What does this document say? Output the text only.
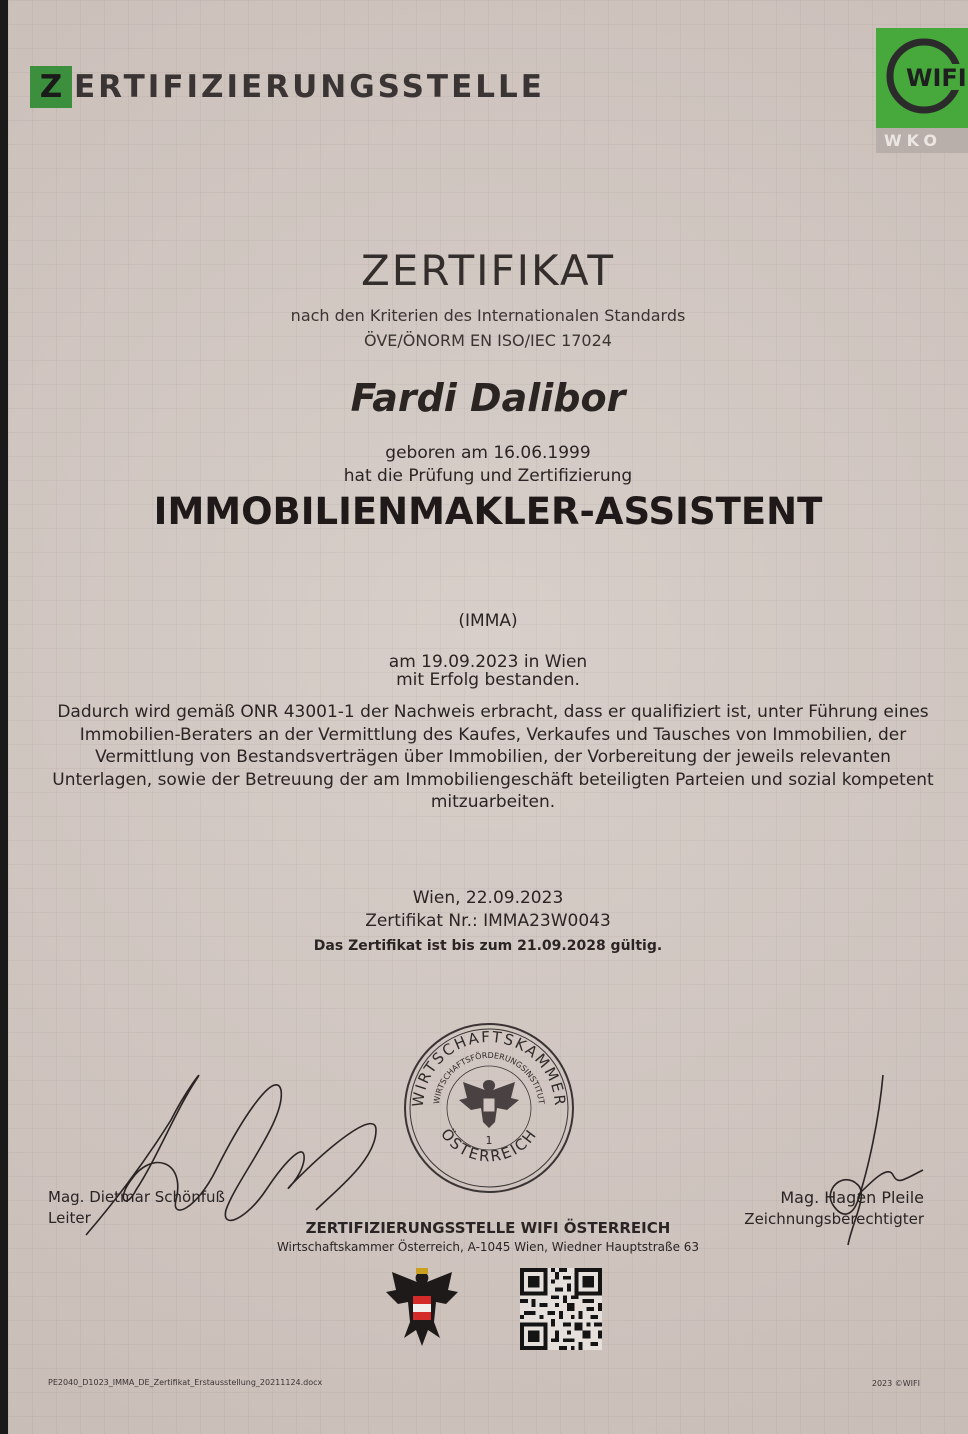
Z ERTIFIZIERUNGSSTELLE	WIFI
WKO
ZERTIFIKAT
nach den Kriterien des Internationalen Standards
ÖVE/ÖNORM EN ISO/IEC 17024
Fardi Dalibor
geboren am 16.06.1999
hat die Prüfung und Zertifizierung
IMMOBILIENMAKLER-ASSISTENT
(IMMA)
am 19.09.2023 in Wien
mit Erfolg bestanden.
Dadurch wird gemäß ONR 43001-1 der Nachweis erbracht, dass er qualifiziert ist, unter Führung eines Immobilien-Beraters an der Vermittlung des Kaufes, Verkaufes und Tausches von Immobilien, der Vermittlung von Bestandsverträgen über Immobilien, der Vorbereitung der jeweils relevanten Unterlagen, sowie der Betreuung der am Immobiliengeschäft beteiligten Parteien und sozial kompetent mitzuarbeiten.
Wien, 22.09.2023
Zertifikat Nr.: IMMA23W0043
Das Zertifikat ist bis zum 21.09.2028 gültig.
Mag. Dietmar Schönfuß
Leiter
Mag. Hagen Pleile
Zeichnungsberechtigter
WIRTSCHAFTSKAMMER
WIRTSCHAFTSFÖRDERUNGSINSTITUT
ÖSTERREICH
1
ZERTIFIZIERUNGSSTELLE WIFI ÖSTERREICH
Wirtschaftskammer Österreich, A-1045 Wien, Wiedner Hauptstraße 63
PE2040_D1023_IMMA_DE_Zertifikat_Erstausstellung_20211124.docx	2023 ©WIFI
